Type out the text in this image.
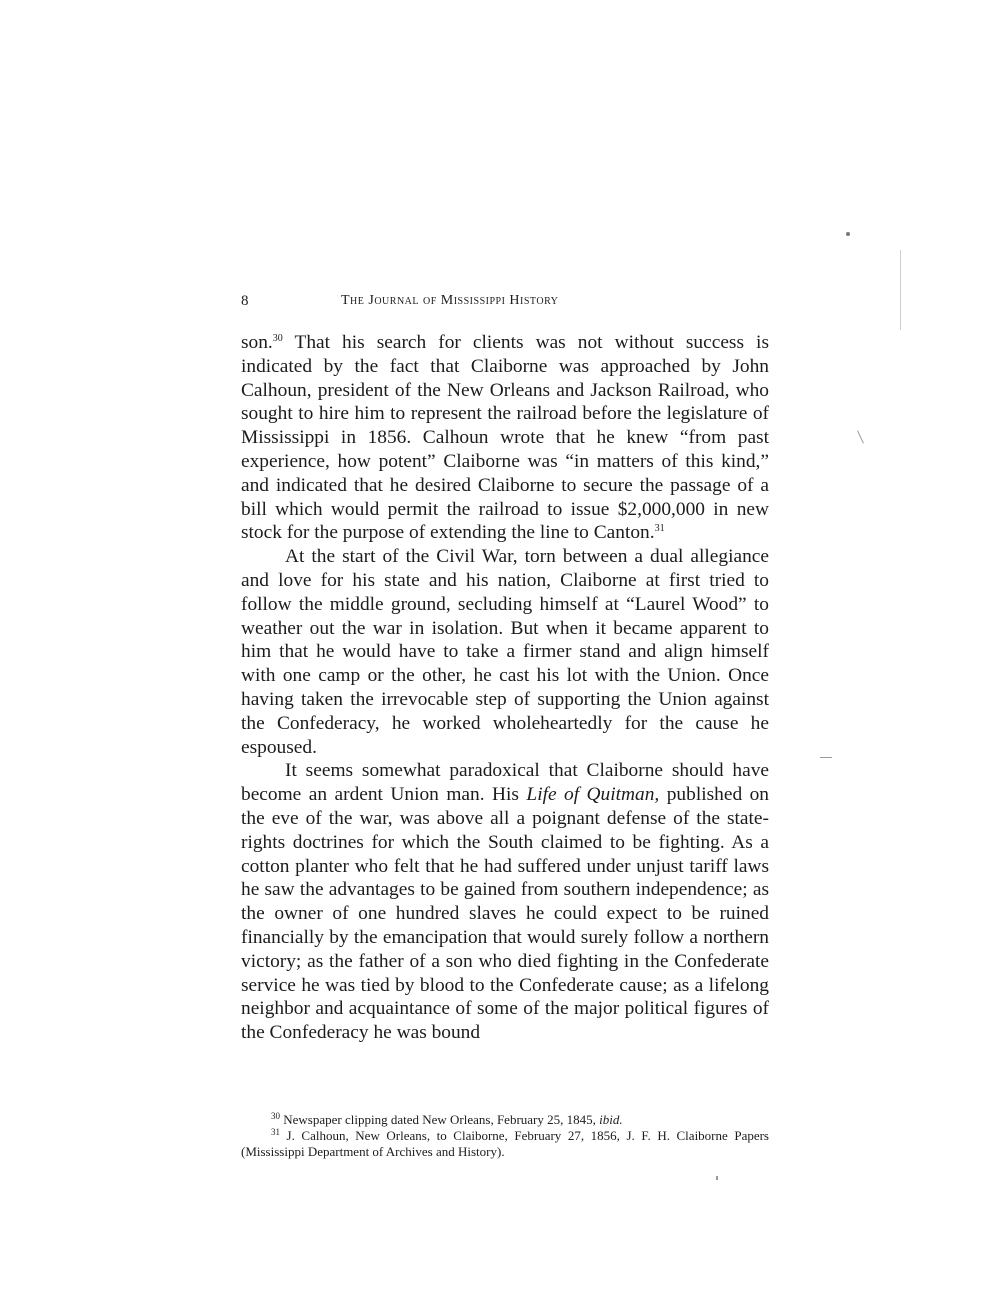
8	The Journal of Mississippi History

son.$^{30}$ That his search for clients was not without success is indicated by the fact that Claiborne was approached by John Calhoun, president of the New Orleans and Jackson Railroad, who sought to hire him to represent the railroad before the legislature of Mississippi in 1856. Calhoun wrote that he knew “from past experience, how potent” Claiborne was “in matters of this kind,” and indicated that he desired Claiborne to secure the passage of a bill which would permit the railroad to issue $2,000,000 in new stock for the purpose of extending the line to Canton.$^{31}$

At the start of the Civil War, torn between a dual allegiance and love for his state and his nation, Claiborne at first tried to follow the middle ground, secluding himself at “Laurel Wood” to weather out the war in isolation. But when it became apparent to him that he would have to take a firmer stand and align himself with one camp or the other, he cast his lot with the Union. Once having taken the irrevocable step of supporting the Union against the Confederacy, he worked wholeheartedly for the cause he espoused.

It seems somewhat paradoxical that Claiborne should have become an ardent Union man. His Life of Quitman, published on the eve of the war, was above all a poignant defense of the state-rights doctrines for which the South claimed to be fighting. As a cotton planter who felt that he had suffered under unjust tariff laws he saw the advantages to be gained from southern independence; as the owner of one hundred slaves he could expect to be ruined financially by the emancipation that would surely follow a northern victory; as the father of a son who died fighting in the Confederate service he was tied by blood to the Confederate cause; as a lifelong neighbor and acquaintance of some of the major political figures of the Confederacy he was bound

$^{30}$ Newspaper clipping dated New Orleans, February 25, 1845, ibid.

$^{31}$ J. Calhoun, New Orleans, to Claiborne, February 27, 1856, J. F. H. Claiborne Papers (Mississippi Department of Archives and History).
